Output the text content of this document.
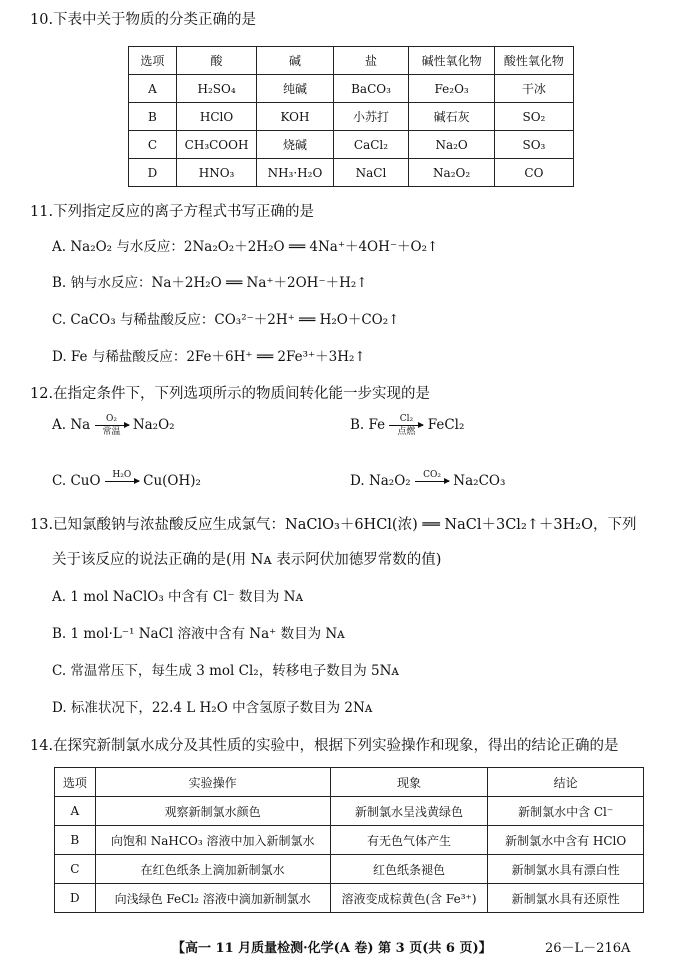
10.下表中关于物质的分类正确的是
选项	酸	碱	盐	碱性氧化物	酸性氧化物
A	H₂SO₄	纯碱	BaCO₃	Fe₂O₃	干冰
B	HClO	KOH	小苏打	碱石灰	SO₂
C	CH₃COOH	烧碱	CaCl₂	Na₂O	SO₃
D	HNO₃	NH₃·H₂O	NaCl	Na₂O₂	CO
11.下列指定反应的离子方程式书写正确的是
A. Na₂O₂ 与水反应：2Na₂O₂＋2H₂O ══ 4Na⁺＋4OH⁻＋O₂↑
B. 钠与水反应：Na＋2H₂O ══ Na⁺＋2OH⁻＋H₂↑
C. CaCO₃ 与稀盐酸反应：CO₃²⁻＋2H⁺ ══ H₂O＋CO₂↑
D. Fe 与稀盐酸反应：2Fe＋6H⁺ ══ 2Fe³⁺＋3H₂↑
12.在指定条件下，下列选项所示的物质间转化能一步实现的是
A. Na	O₂
常温 Na₂O₂	B. Fe	Cl₂
点燃 FeCl₂
C. CuO	H₂O Cu(OH)₂	D. Na₂O₂	CO₂ Na₂CO₃
13.已知氯酸钠与浓盐酸反应生成氯气：NaClO₃＋6HCl(浓) ══ NaCl＋3Cl₂↑＋3H₂O，下列
关于该反应的说法正确的是(用 Nᴀ 表示阿伏加德罗常数的值)
A. 1 mol NaClO₃ 中含有 Cl⁻ 数目为 Nᴀ
B. 1 mol·L⁻¹ NaCl 溶液中含有 Na⁺ 数目为 Nᴀ
C. 常温常压下，每生成 3 mol Cl₂，转移电子数目为 5Nᴀ
D. 标准状况下，22.4 L H₂O 中含氢原子数目为 2Nᴀ
14.在探究新制氯水成分及其性质的实验中，根据下列实验操作和现象，得出的结论正确的是
选项	实验操作	现象	结论
A	观察新制氯水颜色	新制氯水呈浅黄绿色	新制氯水中含 Cl⁻
B	向饱和 NaHCO₃ 溶液中加入新制氯水	有无色气体产生	新制氯水中含有 HClO
C	在红色纸条上滴加新制氯水	红色纸条褪色	新制氯水具有漂白性
D	向浅绿色 FeCl₂ 溶液中滴加新制氯水	溶液变成棕黄色(含 Fe³⁺)	新制氯水具有还原性
【高一 11 月质量检测·化学(A 卷) 第 3 页(共 6 页)】	26－L－216A
